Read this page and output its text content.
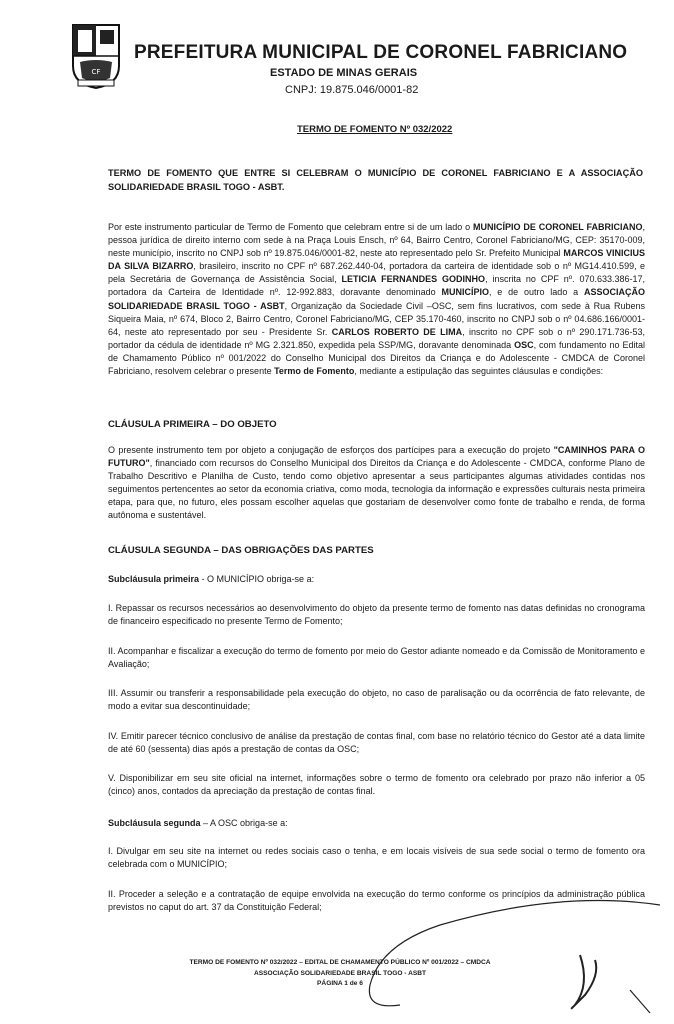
CF
PREFEITURA MUNICIPAL DE CORONEL FABRICIANO
ESTADO DE MINAS GERAIS
CNPJ: 19.875.046/0001-82
TERMO DE FOMENTO Nº 032/2022
TERMO DE FOMENTO QUE ENTRE SI CELEBRAM O MUNICÍPIO DE CORONEL FABRICIANO E A ASSOCIAÇÃO SOLIDARIEDADE BRASIL TOGO - ASBT.
Por este instrumento particular de Termo de Fomento que celebram entre si de um lado o MUNICÍPIO DE CORONEL FABRICIANO, pessoa jurídica de direito interno com sede à na Praça Louis Ensch, nº 64, Bairro Centro, Coronel Fabriciano/MG, CEP: 35170-009, neste município, inscrito no CNPJ sob nº 19.875.046/0001-82, neste ato representado pelo Sr. Prefeito Municipal MARCOS VINICIUS DA SILVA BIZARRO, brasileiro, inscrito no CPF nº 687.262.440-04, portadora da carteira de identidade sob o nº MG14.410.599, e pela Secretária de Governança de Assistência Social, LETICIA FERNANDES GODINHO, inscrita no CPF nº. 070.633.386-17, portadora da Carteira de Identidade nº. 12-992.883, doravante denominado MUNICÍPIO, e de outro lado a ASSOCIAÇÃO SOLIDARIEDADE BRASIL TOGO - ASBT, Organização da Sociedade Civil –OSC, sem fins lucrativos, com sede à Rua Rubens Siqueira Maia, nº 674, Bloco 2, Bairro Centro, Coronel Fabriciano/MG, CEP 35.170-460, inscrito no CNPJ sob o nº 04.686.166/0001-64, neste ato representado por seu - Presidente Sr. CARLOS ROBERTO DE LIMA, inscrito no CPF sob o nº 290.171.736-53, portador da cédula de identidade nº MG 2.321.850, expedida pela SSP/MG, doravante denominada OSC, com fundamento no Edital de Chamamento Público nº 001/2022 do Conselho Municipal dos Direitos da Criança e do Adolescente - CMDCA de Coronel Fabriciano, resolvem celebrar o presente Termo de Fomento, mediante a estipulação das seguintes cláusulas e condições:
CLÁUSULA PRIMEIRA – DO OBJETO
O presente instrumento tem por objeto a conjugação de esforços dos partícipes para a execução do projeto "CAMINHOS PARA O FUTURO", financiado com recursos do Conselho Municipal dos Direitos da Criança e do Adolescente - CMDCA, conforme Plano de Trabalho Descritivo e Planilha de Custo, tendo como objetivo apresentar a seus participantes algumas atividades contidas nos seguimentos pertencentes ao setor da economia criativa, como moda, tecnologia da informação e expressões culturais nesta primeira etapa, para que, no futuro, eles possam escolher aquelas que gostariam de desenvolver como fonte de trabalho e renda, de forma autônoma e sustentável.
CLÁUSULA SEGUNDA – DAS OBRIGAÇÕES DAS PARTES
Subcláusula primeira - O MUNICÍPIO obriga-se a:
I. Repassar os recursos necessários ao desenvolvimento do objeto da presente termo de fomento nas datas definidas no cronograma de financeiro especificado no presente Termo de Fomento;
II. Acompanhar e fiscalizar a execução do termo de fomento por meio do Gestor adiante nomeado e da Comissão de Monitoramento e Avaliação;
III. Assumir ou transferir a responsabilidade pela execução do objeto, no caso de paralisação ou da ocorrência de fato relevante, de modo a evitar sua descontinuidade;
IV. Emitir parecer técnico conclusivo de análise da prestação de contas final, com base no relatório técnico do Gestor até a data limite de até 60 (sessenta) dias após a prestação de contas da OSC;
V. Disponibilizar em seu site oficial na internet, informações sobre o termo de fomento ora celebrado por prazo não inferior a 05 (cinco) anos, contados da apreciação da prestação de contas final.
Subcláusula segunda – A OSC obriga-se a:
I. Divulgar em seu site na internet ou redes sociais caso o tenha, e em locais visíveis de sua sede social o termo de fomento ora celebrada com o MUNICÍPIO;
II. Proceder a seleção e a contratação de equipe envolvida na execução do termo conforme os princípios da administração pública previstos no caput do art. 37 da Constituição Federal;
TERMO DE FOMENTO Nº 032/2022 – EDITAL DE CHAMAMENTO PÚBLICO Nº 001/2022 – CMDCA
ASSOCIAÇÃO SOLIDARIEDADE BRASIL TOGO - ASBT
PÁGINA 1 de 6
